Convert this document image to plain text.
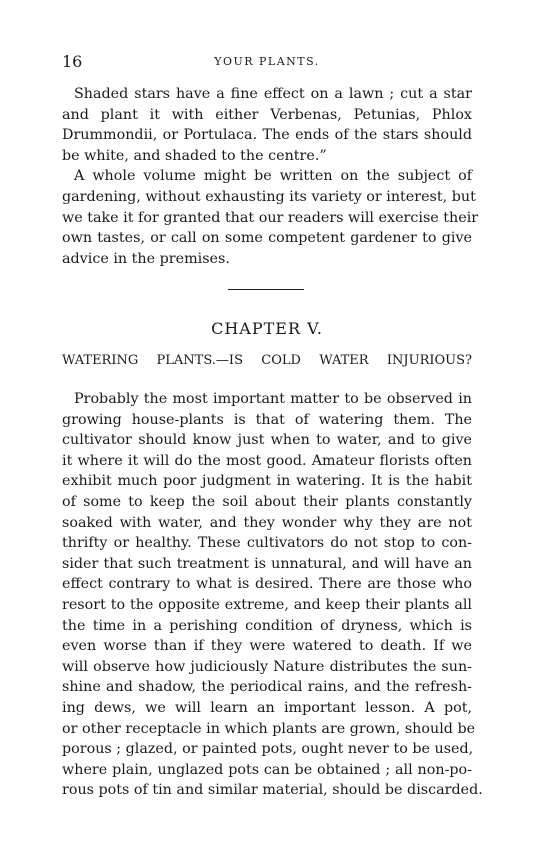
16	YOUR PLANTS.
Shaded stars have a fine effect on a lawn ; cut a star
and plant it with either Verbenas, Petunias, Phlox
Drummondii, or Portulaca. The ends of the stars should
be white, and shaded to the centre.”
A whole volume might be written on the subject of
gardening, without exhausting its variety or interest, but
we take it for granted that our readers will exercise their
own tastes, or call on some competent gardener to give
advice in the premises.
CHAPTER V.
WATERING PLANTS.—IS COLD WATER INJURIOUS?
Probably the most important matter to be observed in
growing house-plants is that of watering them. The
cultivator should know just when to water, and to give
it where it will do the most good. Amateur florists often
exhibit much poor judgment in watering. It is the habit
of some to keep the soil about their plants constantly
soaked with water, and they wonder why they are not
thrifty or healthy. These cultivators do not stop to con-
sider that such treatment is unnatural, and will have an
effect contrary to what is desired. There are those who
resort to the opposite extreme, and keep their plants all
the time in a perishing condition of dryness, which is
even worse than if they were watered to death. If we
will observe how judiciously Nature distributes the sun-
shine and shadow, the periodical rains, and the refresh-
ing dews, we will learn an important lesson. A pot,
or other receptacle in which plants are grown, should be
porous ; glazed, or painted pots, ought never to be used,
where plain, unglazed pots can be obtained ; all non-po-
rous pots of tin and similar material, should be discarded.
